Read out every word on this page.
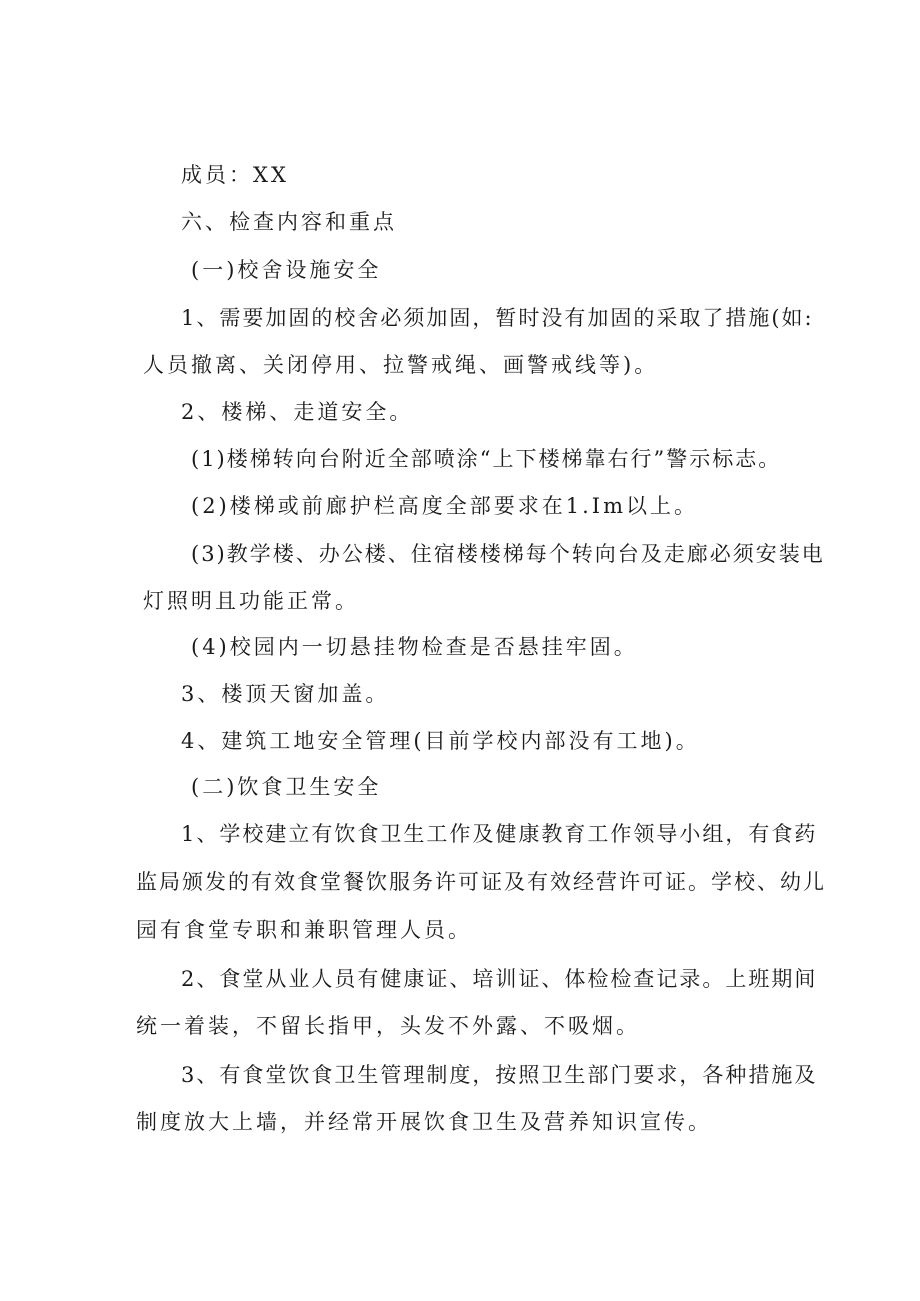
成员：XX
六、检查内容和重点
(一)校舍设施安全
1、需要加固的校舍必须加固，暂时没有加固的采取了措施(如:
人员撤离、关闭停用、拉警戒绳、画警戒线等)。
2、楼梯、走道安全。
(1)楼梯转向台附近全部喷涂“上下楼梯靠右行”警示标志。
(2)楼梯或前廊护栏高度全部要求在1.Im以上。
(3)教学楼、办公楼、住宿楼楼梯每个转向台及走廊必须安装电
灯照明且功能正常。
(4)校园内一切悬挂物检查是否悬挂牢固。
3、楼顶天窗加盖。
4、建筑工地安全管理(目前学校内部没有工地)。
(二)饮食卫生安全
1、学校建立有饮食卫生工作及健康教育工作领导小组，有食药
监局颁发的有效食堂餐饮服务许可证及有效经营许可证。学校、幼儿
园有食堂专职和兼职管理人员。
2、食堂从业人员有健康证、培训证、体检检查记录。上班期间
统一着装，不留长指甲，头发不外露、不吸烟。
3、有食堂饮食卫生管理制度，按照卫生部门要求，各种措施及
制度放大上墙，并经常开展饮食卫生及营养知识宣传。
